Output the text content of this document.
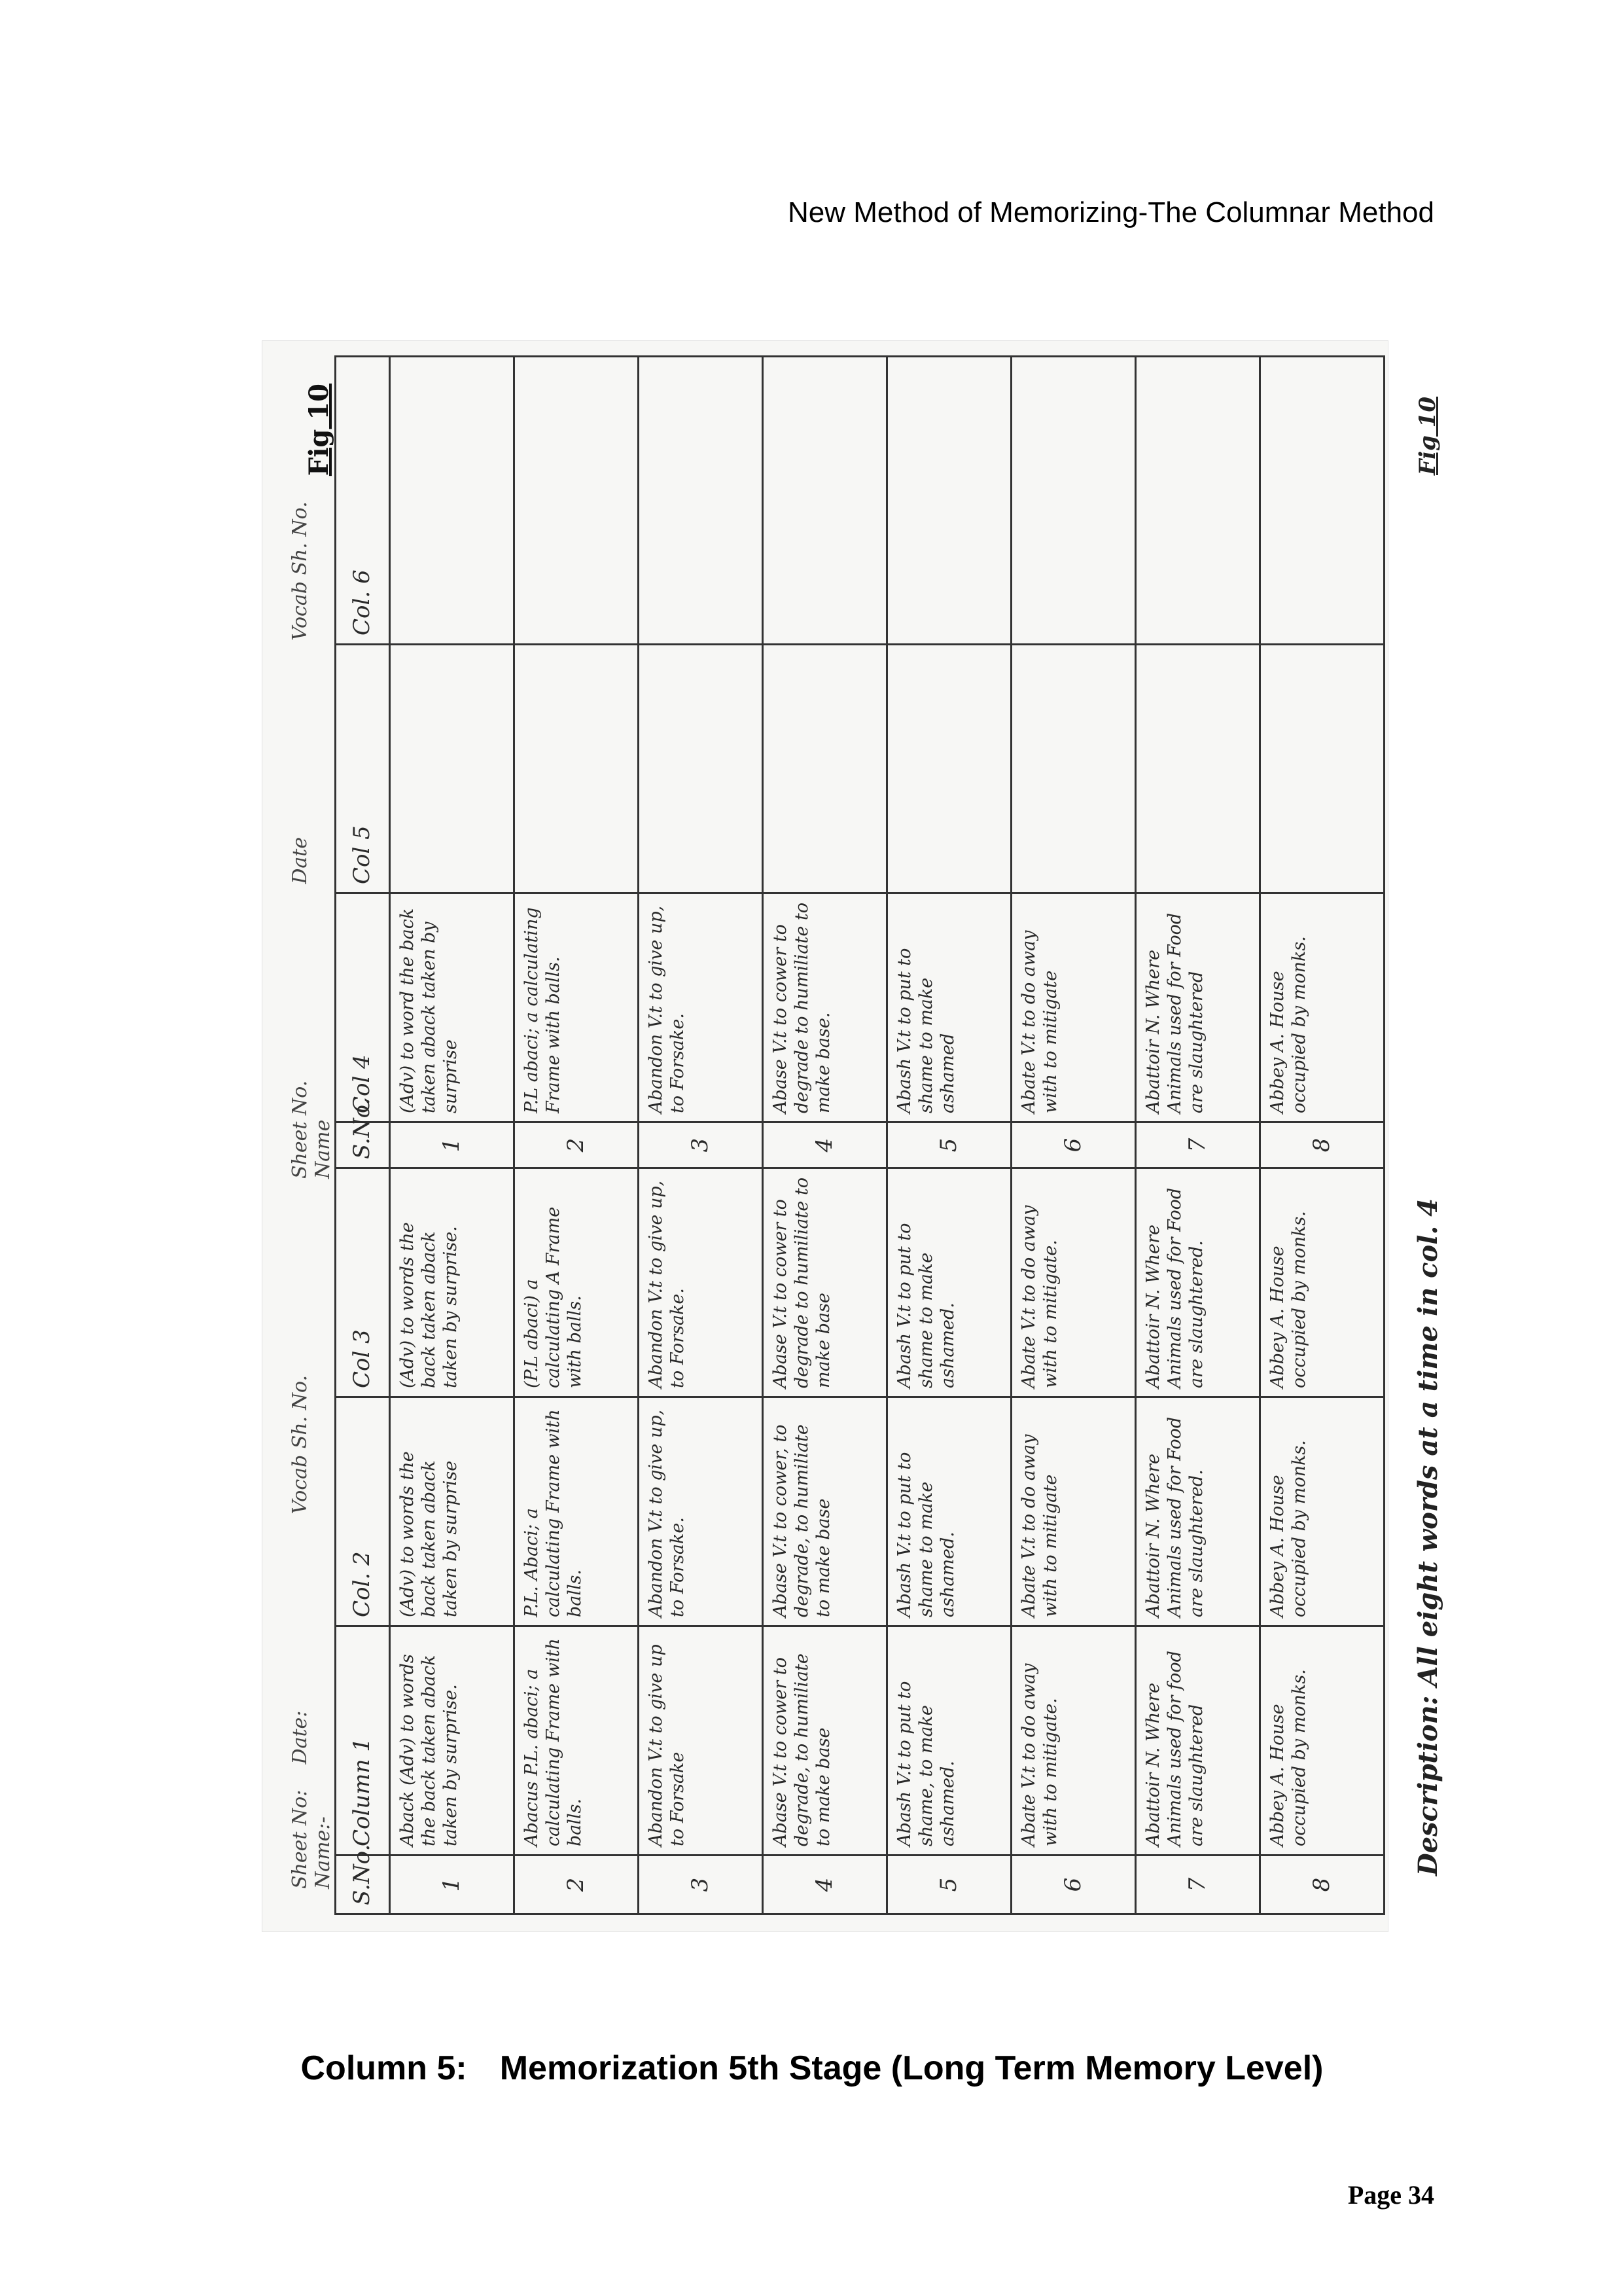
New Method of Memorizing-The Columnar Method
Sheet No:
Name:-
Date:
Vocab Sh. No.
Sheet No.
Name
Date
Vocab Sh. No.
Fig 10
S.No.	Column 1	Col. 2	Col 3	S.No.	Col 4	Col 5	Col. 6
1	Aback (Adv) to words the back taken aback taken by surprise.	(Adv) to words the back taken aback taken by surprise	(Adv) to words the back taken aback taken by surprise.	1	(Adv) to word the back taken aback taken by surprise		
2	Abacus P.L. abaci; a calculating Frame with balls.	P.L. Abaci; a calculating Frame with balls.	(P.L abaci) a calculating A Frame with balls.	2	P.L abaci; a calculating Frame with balls.		
3	Abandon V.t to give up to Forsake	Abandon V.t to give up, to Forsake.	Abandon V.t to give up, to Forsake.	3	Abandon V.t to give up, to Forsake.		
4	Abase V.t to cower to degrade, to humiliate to make base	Abase V.t to cower, to degrade, to humiliate to make base	Abase V.t to cower to degrade to humiliate to make base	4	Abase V.t to cower to degrade to humiliate to make base.		
5	Abash V.t to put to shame, to make ashamed.	Abash V.t to put to shame to make ashamed.	Abash V.t to put to shame to make ashamed.	5	Abash V.t to put to shame to make ashamed		
6	Abate V.t to do away with to mitigate.	Abate V.t to do away with to mitigate	Abate V.t to do away with to mitigate.	6	Abate V.t to do away with to mitigate		
7	Abattoir N. Where Animals used for food are slaughtered	Abattoir N. Where Animals used for Food are slaughtered.	Abattoir N. Where Animals used for Food are slaughtered.	7	Abattoir N. Where Animals used for Food are slaughtered		
8	Abbey A. House occupied by monks.	Abbey A. House occupied by monks.	Abbey A. House occupied by monks.	8	Abbey A. House occupied by monks.		
Description: All eight words at a time in col. 4
Fig 10
Column 5: Memorization 5th Stage (Long Term Memory Level)
Page 34
